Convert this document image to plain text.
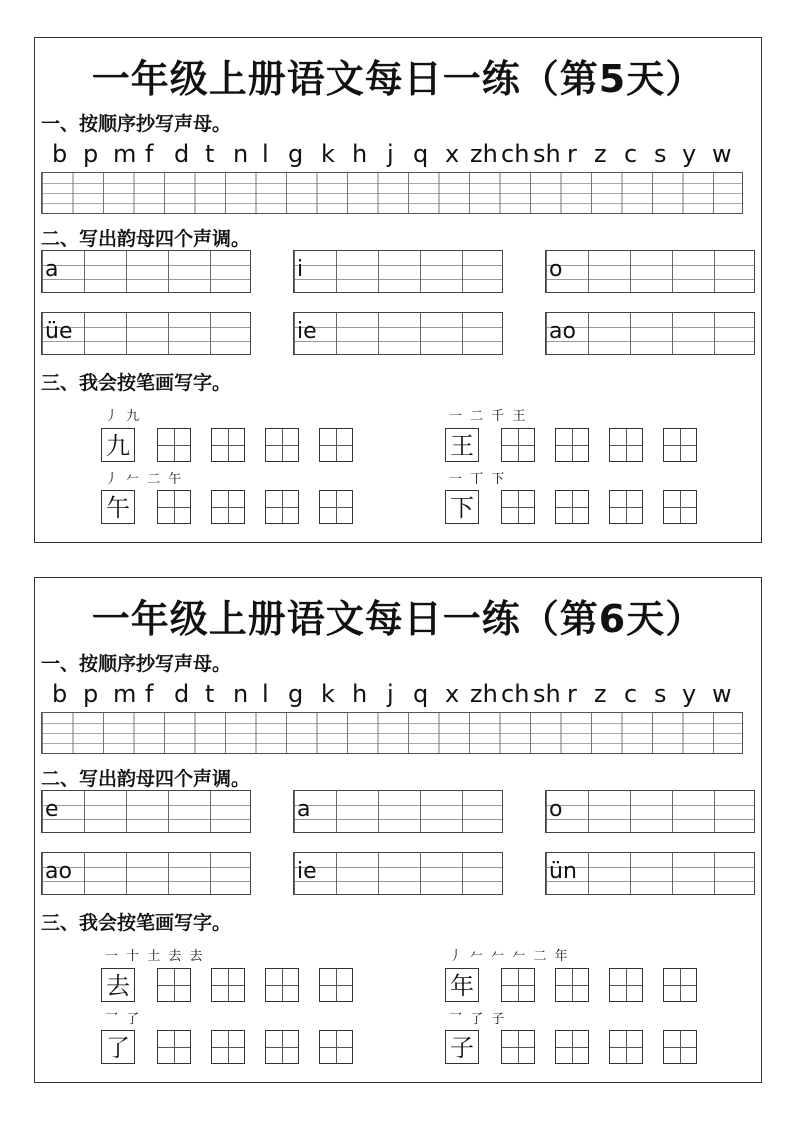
一年级上册语文每日一练（第5天）
一、按顺序抄写声母。
b p m f d t n l g k h j q x zh ch sh r z c s y w
二、写出韵母四个声调。
a	i	o
üe	ie	ao
三、我会按笔画写字。
丿 九
九
一 二 千 王
王
丿 𠂉 二 午
午
一 丅 下
下
一年级上册语文每日一练（第6天）
一、按顺序抄写声母。
b p m f d t n l g k h j q x zh ch sh r z c s y w
二、写出韵母四个声调。
e	a	o
ao	ie	ün
三、我会按笔画写字。
一 十 土 去 去
去
丿 𠂉 𠂉 𠂉 二 年
年
乛 了
了
乛 了 子
子
